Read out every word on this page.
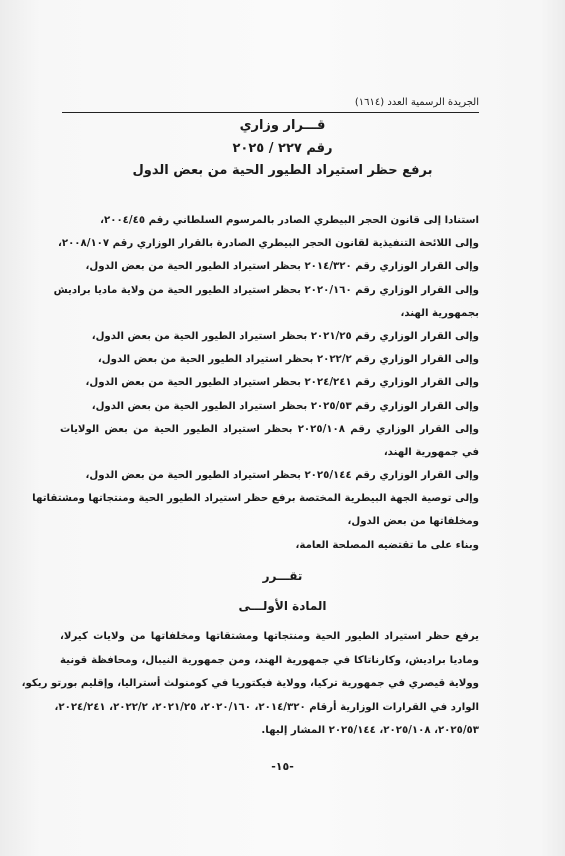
الجريدة الرسمية العدد (١٦١٤)
قـــرار وزاري
رقم ٢٢٧ / ٢٠٢٥
برفع حظر استيراد الطيور الحية من بعض الدول
استنادا إلى قانون الحجر البيطري الصادر بالمرسوم السلطاني رقم ٢٠٠٤/٤٥،
وإلى اللائحة التنفيذية لقانون الحجر البيطري الصادرة بالقرار الوزاري رقم ٢٠٠٨/١٠٧،
وإلى القرار الوزاري رقم ٢٠١٤/٣٢٠ بحظر استيراد الطيور الحية من بعض الدول،
وإلى القرار الوزاري رقم ٢٠٢٠/١٦٠ بحظر استيراد الطيور الحية من ولاية ماديا براديش
بجمهورية الهند،
وإلى القرار الوزاري رقم ٢٠٢١/٢٥ بحظر استيراد الطيور الحية من بعض الدول،
وإلى القرار الوزاري رقم ٢٠٢٢/٢ بحظر استيراد الطيور الحية من بعض الدول،
وإلى القرار الوزاري رقم ٢٠٢٤/٢٤١ بحظر استيراد الطيور الحية من بعض الدول،
وإلى القرار الوزاري رقم ٢٠٢٥/٥٣ بحظر استيراد الطيور الحية من بعض الدول،
وإلى القرار الوزاري رقم ٢٠٢٥/١٠٨ بحظر استيراد الطيور الحية من بعض الولايات
في جمهورية الهند،
وإلى القرار الوزاري رقم ٢٠٢٥/١٤٤ بحظر استيراد الطيور الحية من بعض الدول،
وإلى توصية الجهة البيطرية المختصة برفع حظر استيراد الطيور الحية ومنتجاتها ومشتقاتها
ومخلفاتها من بعض الدول،
وبناء على ما تقتضيه المصلحة العامة،
تقـــرر
المادة الأولـــى
يرفع حظر استيراد الطيور الحية ومنتجاتها ومشتقاتها ومخلفاتها من ولايات كيرلا،
وماديا براديش، وكارناتاكا في جمهورية الهند، ومن جمهورية النيبال، ومحافظة قونية
وولاية قيصري في جمهورية تركيا، وولاية فيكتوريا في كومنولث أستراليا، وإقليم بورتو ريكو،
الوارد في القرارات الوزارية أرقام ٢٠١٤/٣٢٠، ٢٠٢٠/١٦٠، ٢٠٢١/٢٥، ٢٠٢٢/٢، ٢٠٢٤/٢٤١،
٢٠٢٥/٥٣، ٢٠٢٥/١٠٨، ٢٠٢٥/١٤٤ المشار إليها.
-١٥-
